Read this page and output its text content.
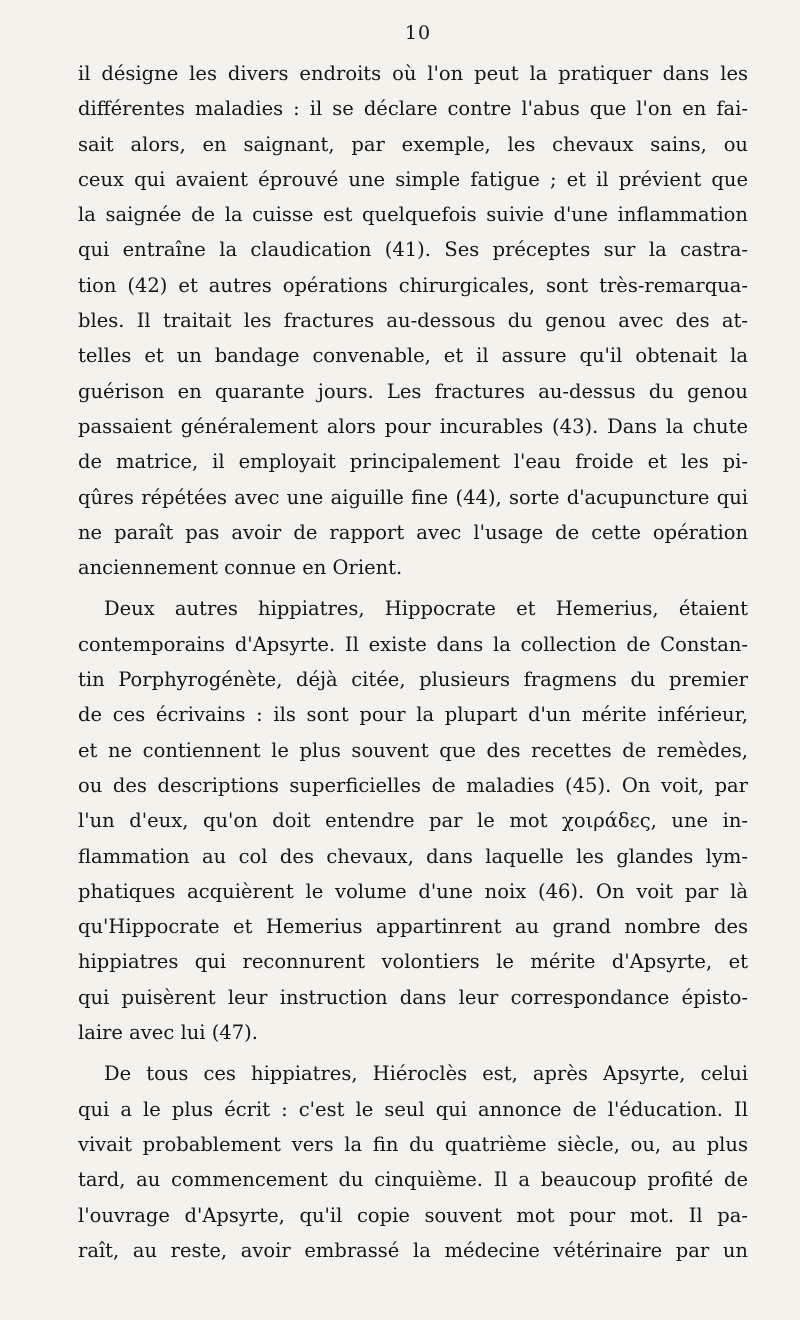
10
il désigne les divers endroits où l'on peut la pratiquer dans les
différentes maladies : il se déclare contre l'abus que l'on en fai-
sait alors, en saignant, par exemple, les chevaux sains, ou
ceux qui avaient éprouvé une simple fatigue ; et il prévient que
la saignée de la cuisse est quelquefois suivie d'une inflammation
qui entraîne la claudication (41). Ses préceptes sur la castra-
tion (42) et autres opérations chirurgicales, sont très-remarqua-
bles. Il traitait les fractures au-dessous du genou avec des at-
telles et un bandage convenable, et il assure qu'il obtenait la
guérison en quarante jours. Les fractures au-dessus du genou
passaient généralement alors pour incurables (43). Dans la chute
de matrice, il employait principalement l'eau froide et les pi-
qûres répétées avec une aiguille fine (44), sorte d'acupuncture qui
ne paraît pas avoir de rapport avec l'usage de cette opération
anciennement connue en Orient.
Deux autres hippiatres, Hippocrate et Hemerius, étaient
contemporains d'Apsyrte. Il existe dans la collection de Constan-
tin Porphyrogénète, déjà citée, plusieurs fragmens du premier
de ces écrivains : ils sont pour la plupart d'un mérite inférieur,
et ne contiennent le plus souvent que des recettes de remèdes,
ou des descriptions superficielles de maladies (45). On voit, par
l'un d'eux, qu'on doit entendre par le mot χοιράδες, une in-
flammation au col des chevaux, dans laquelle les glandes lym-
phatiques acquièrent le volume d'une noix (46). On voit par là
qu'Hippocrate et Hemerius appartinrent au grand nombre des
hippiatres qui reconnurent volontiers le mérite d'Apsyrte, et
qui puisèrent leur instruction dans leur correspondance épisto-
laire avec lui (47).
De tous ces hippiatres, Hiéroclès est, après Apsyrte, celui
qui a le plus écrit : c'est le seul qui annonce de l'éducation. Il
vivait probablement vers la fin du quatrième siècle, ou, au plus
tard, au commencement du cinquième. Il a beaucoup profité de
l'ouvrage d'Apsyrte, qu'il copie souvent mot pour mot. Il pa-
raît, au reste, avoir embrassé la médecine vétérinaire par un
